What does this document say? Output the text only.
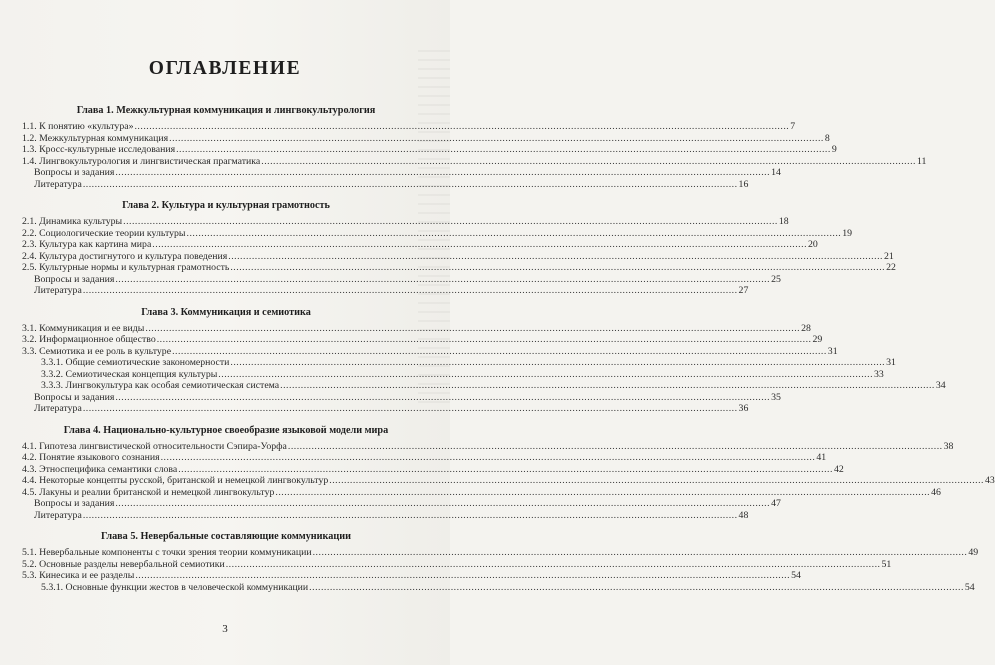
ОГЛАВЛЕНИЕ
Глава 1. Межкультурная коммуникация и лингвокультурология
1.1. К понятию «культура» .....	7
1.2. Межкультурная коммуникация .....	8
1.3. Кросс-культурные исследования .....	9
1.4. Лингвокультурология и лингвистическая прагматика .....	11
Вопросы и задания .....	14
Литература .....	16
Глава 2. Культура и культурная грамотность
2.1. Динамика культуры .....	18
2.2. Социологические теории культуры .....	19
2.3. Культура как картина мира .....	20
2.4. Культура достигнутого и культура поведения .....	21
2.5. Культурные нормы и культурная грамотность .....	22
Вопросы и задания .....	25
Литература .....	27
Глава 3. Коммуникация и семиотика
3.1. Коммуникация и ее виды .....	28
3.2. Информационное общество .....	29
3.3. Семиотика и ее роль в культуре .....	31
3.3.1. Общие семиотические закономерности .....	31
3.3.2. Семиотическая концепция культуры .....	33
3.3.3. Лингвокультура как особая семиотическая система .....	34
Вопросы и задания .....	35
Литература .....	36
Глава 4. Национально-культурное своеобразие языковой модели мира
4.1. Гипотеза лингвистической относительности Сэпира-Уорфа .....	38
4.2. Понятие языкового сознания .....	41
4.3. Этноспецифика семантики слова .....	42
4.4. Некоторые концепты русской, британской и немецкой лингвокультур .....	43
4.5. Лакуны и реалии британской и немецкой лингвокультур .....	46
Вопросы и задания .....	47
Литература .....	48
Глава 5. Невербальные составляющие коммуникации
5.1. Невербальные компоненты с точки зрения теории коммуникации .....	49
5.2. Основные разделы невербальной семиотики .....	51
5.3. Кинесика и ее разделы .....	54
5.3.1. Основные функции жестов в человеческой коммуникации .....	54
3
